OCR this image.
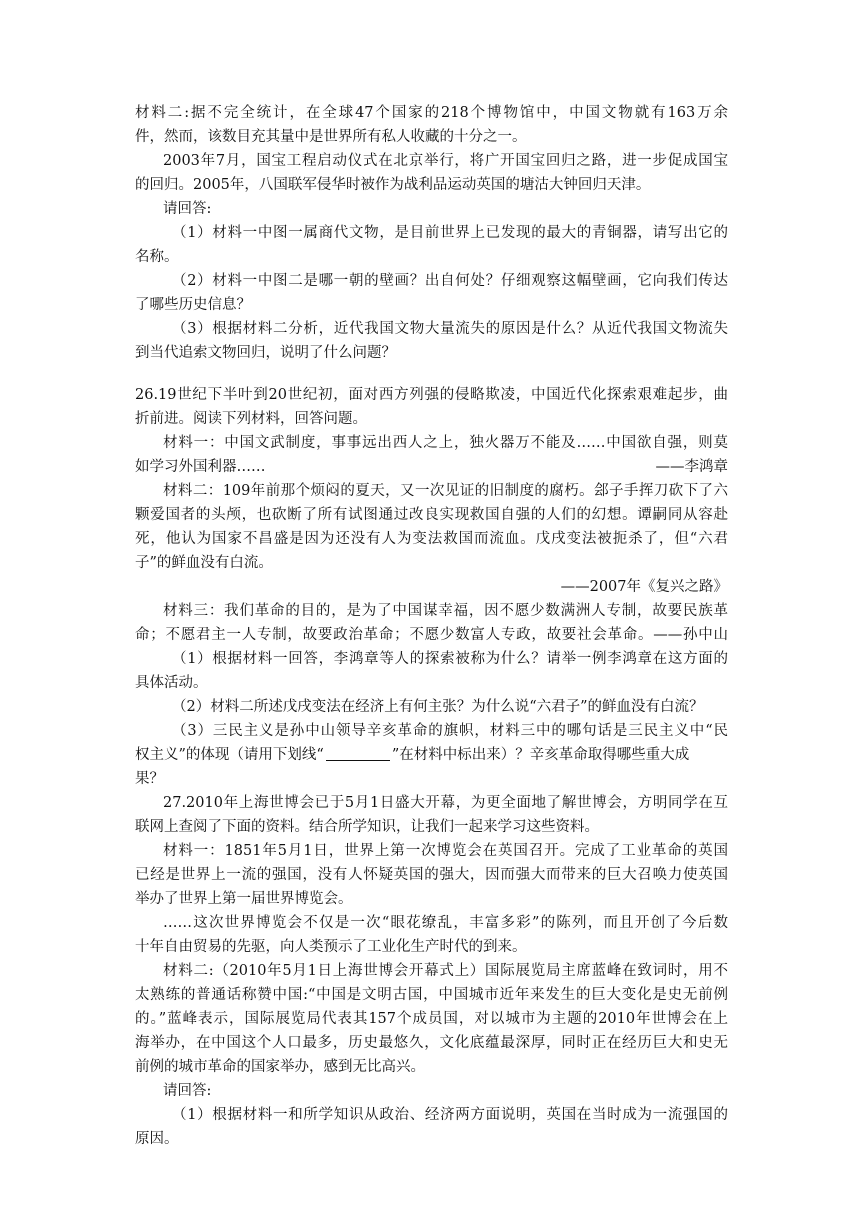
材料二:据不完全统计，在全球47个国家的218个博物馆中，中国文物就有163万余
件，然而，该数目充其量中是世界所有私人收藏的十分之一。
2003年7月，国宝工程启动仪式在北京举行，将广开国宝回归之路，进一步促成国宝
的回归。2005年，八国联军侵华时被作为战利品运动英国的塘沽大钟回归天津。
请回答:
（1）材料一中图一属商代文物，是目前世界上已发现的最大的青铜器，请写出它的
名称。
（2）材料一中图二是哪一朝的壁画？出自何处？仔细观察这幅壁画，它向我们传达
了哪些历史信息？
（3）根据材料二分析，近代我国文物大量流失的原因是什么？从近代我国文物流失
到当代追索文物回归，说明了什么问题？
26.19世纪下半叶到20世纪初，面对西方列强的侵略欺凌，中国近代化探索艰难起步，曲
折前进。阅读下列材料，回答问题。
材料一：中国文武制度，事事远出西人之上，独火器万不能及……中国欲自强，则莫
如学习外国利器……	——李鸿章
材料二：109年前那个烦闷的夏天，又一次见证的旧制度的腐朽。郐子手挥刀砍下了六
颗爱国者的头颅，也砍断了所有试图通过改良实现救国自强的人们的幻想。谭嗣同从容赴
死，他认为国家不昌盛是因为还没有人为变法救国而流血。戊戌变法被扼杀了，但“六君
子”的鲜血没有白流。
——2007年《复兴之路》
材料三：我们革命的目的，是为了中国谋幸福，因不愿少数满洲人专制，故要民族革
命；不愿君主一人专制，故要政治革命；不愿少数富人专政，故要社会革命。——孙中山
（1）根据材料一回答，李鸿章等人的探索被称为什么？请举一例李鸿章在这方面的
具体活动。
（2）材料二所述戊戌变法在经济上有何主张？为什么说“六君子”的鲜血没有白流？
（3）三民主义是孙中山领导辛亥革命的旗帜，材料三中的哪句话是三民主义中“民
权主义”的体现（请用下划线“	”在材料中标出来）？辛亥革命取得哪些重大成
果？
27.2010年上海世博会已于5月1日盛大开幕，为更全面地了解世博会，方明同学在互
联网上查阅了下面的资料。结合所学知识，让我们一起来学习这些资料。
材料一：1851年5月1日，世界上第一次博览会在英国召开。完成了工业革命的英国
已经是世界上一流的强国，没有人怀疑英国的强大，因而强大而带来的巨大召唤力使英国
举办了世界上第一届世界博览会。
……这次世界博览会不仅是一次“眼花缭乱，丰富多彩”的陈列，而且开创了今后数
十年自由贸易的先驱，向人类预示了工业化生产时代的到来。
材料二:（2010年5月1日上海世博会开幕式上）国际展览局主席蓝峰在致词时，用不
太熟练的普通话称赞中国:“中国是文明古国，中国城市近年来发生的巨大变化是史无前例
的。”蓝峰表示，国际展览局代表其157个成员国，对以城市为主题的2010年世博会在上
海举办，在中国这个人口最多，历史最悠久，文化底蕴最深厚，同时正在经历巨大和史无
前例的城市革命的国家举办，感到无比高兴。
请回答:
（1）根据材料一和所学知识从政治、经济两方面说明，英国在当时成为一流强国的
原因。
